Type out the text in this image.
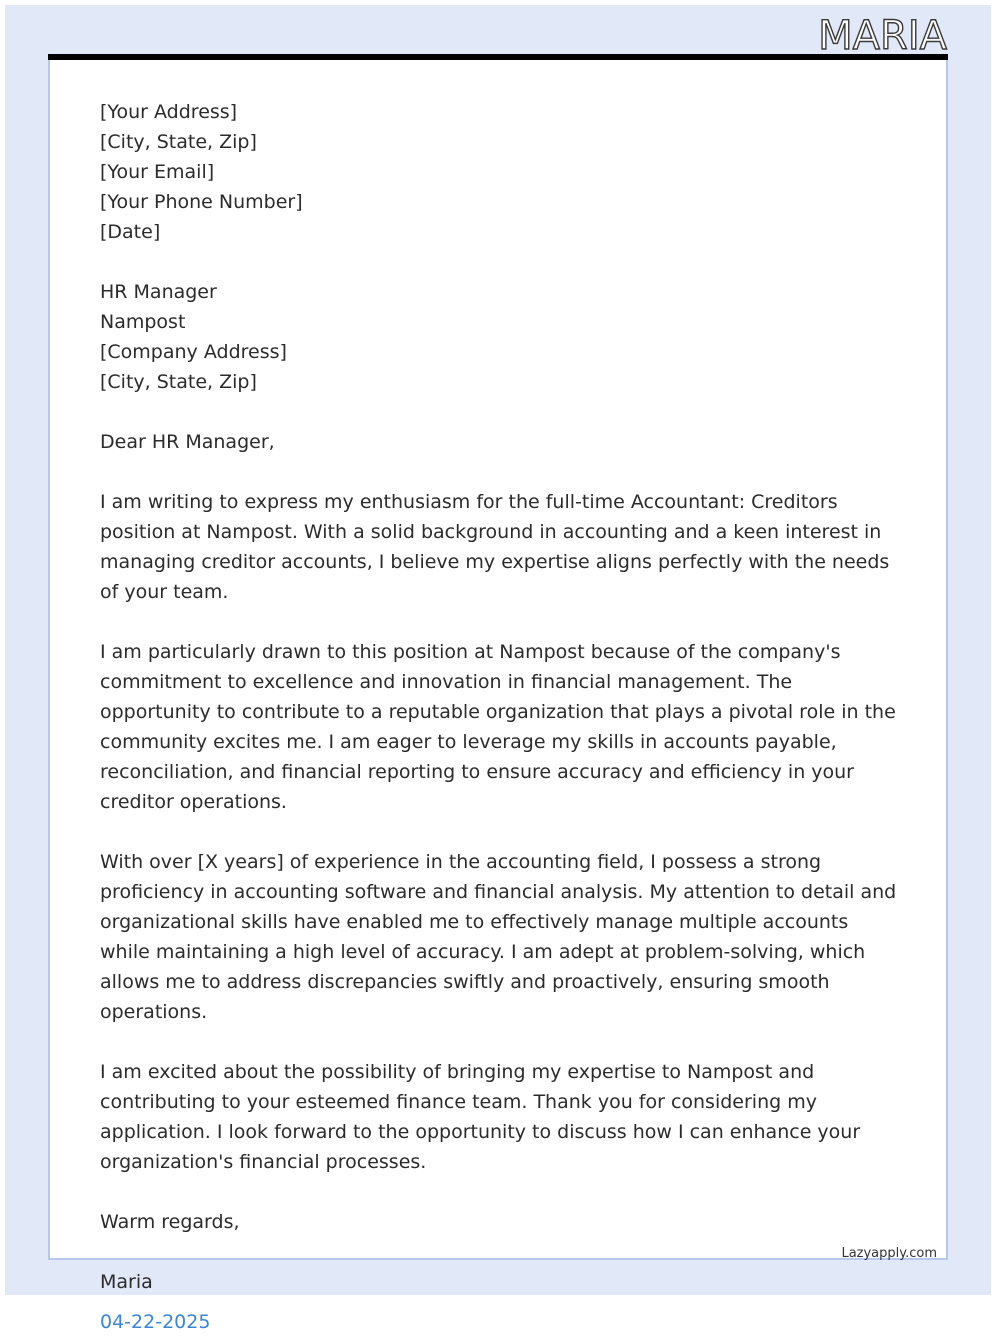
MARIA
[Your Address]
[City, State, Zip]
[Your Email]
[Your Phone Number]
[Date]
HR Manager
Nampost
[Company Address]
[City, State, Zip]
Dear HR Manager,

I am writing to express my enthusiasm for the full-time Accountant: Creditors position at Nampost. With a solid background in accounting and a keen interest in managing creditor accounts, I believe my expertise aligns perfectly with the needs of your team.

I am particularly drawn to this position at Nampost because of the company's commitment to excellence and innovation in financial management. The opportunity to contribute to a reputable organization that plays a pivotal role in the community excites me. I am eager to leverage my skills in accounts payable, reconciliation, and financial reporting to ensure accuracy and efficiency in your creditor operations.

With over [X years] of experience in the accounting field, I possess a strong proficiency in accounting software and financial analysis. My attention to detail and organizational skills have enabled me to effectively manage multiple accounts while maintaining a high level of accuracy. I am adept at problem-solving, which allows me to address discrepancies swiftly and proactively, ensuring smooth operations.

I am excited about the possibility of bringing my expertise to Nampost and contributing to your esteemed finance team. Thank you for considering my application. I look forward to the opportunity to discuss how I can enhance your organization's financial processes.

Warm regards,
Maria
04-22-2025
Lazyapply.com
